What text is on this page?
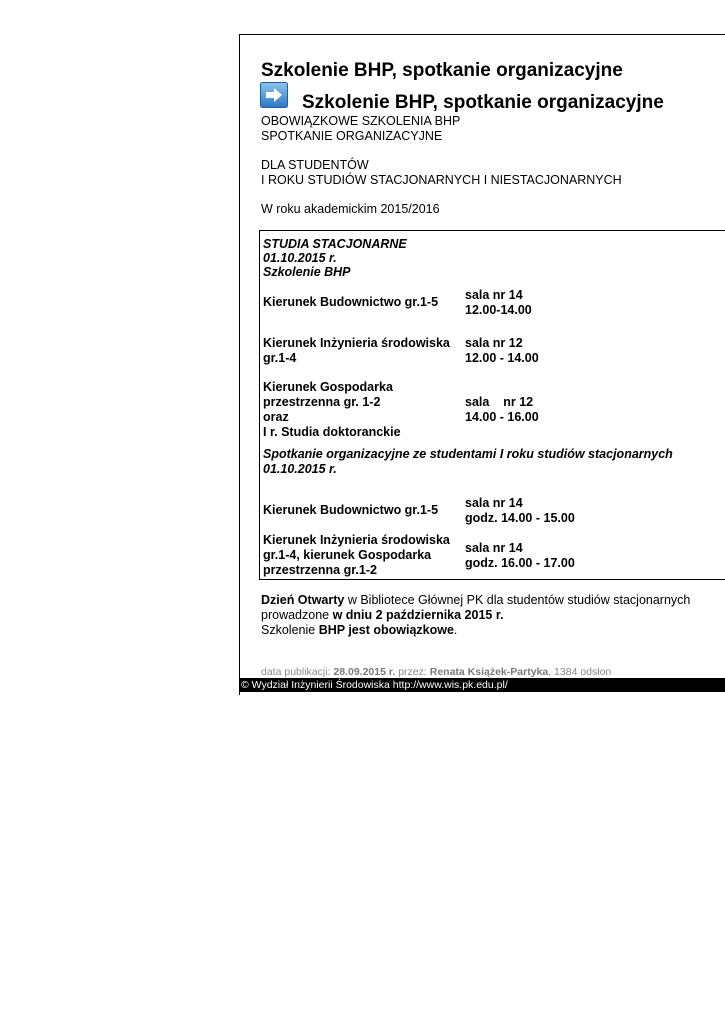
Szkolenie BHP, spotkanie organizacyjne
Szkolenie BHP, spotkanie organizacyjne
OBOWIĄZKOWE SZKOLENIA BHP
SPOTKANIE ORGANIZACYJNE
DLA STUDENTÓW
I ROKU STUDIÓW STACJONARNYCH I NIESTACJONARNYCH
W roku akademickim 2015/2016
STUDIA STACJONARNE
01.10.2015 r.
Szkolenie BHP
Kierunek Budownictwo gr.1-5 sala nr 14
12.00-14.00
Kierunek Inżynieria środowiska
gr.1-4
sala nr 12
12.00 - 14.00
Kierunek Gospodarka
przestrzenna gr. 1-2
oraz
I r. Studia doktoranckie
sala    nr 12
14.00 - 16.00
Spotkanie organizacyjne ze studentami I roku studiów stacjonarnych
01.10.2015 r.
Kierunek Budownictwo gr.1-5 sala nr 14
godz. 14.00 - 15.00
Kierunek Inżynieria środowiska
gr.1-4, kierunek Gospodarka
przestrzenna gr.1-2
sala nr 14
godz. 16.00 - 17.00
Dzień Otwarty w Bibliotece Głównej PK dla studentów studiów stacjonarnych
prowadzone w dniu 2 października 2015 r.
Szkolenie BHP jest obowiązkowe.
data publikacji: 28.09.2015 r. przez: Renata Książek-Partyka, 1384 odsłon
© Wydział Inżynierii Środowiska http://www.wis.pk.edu.pl/
